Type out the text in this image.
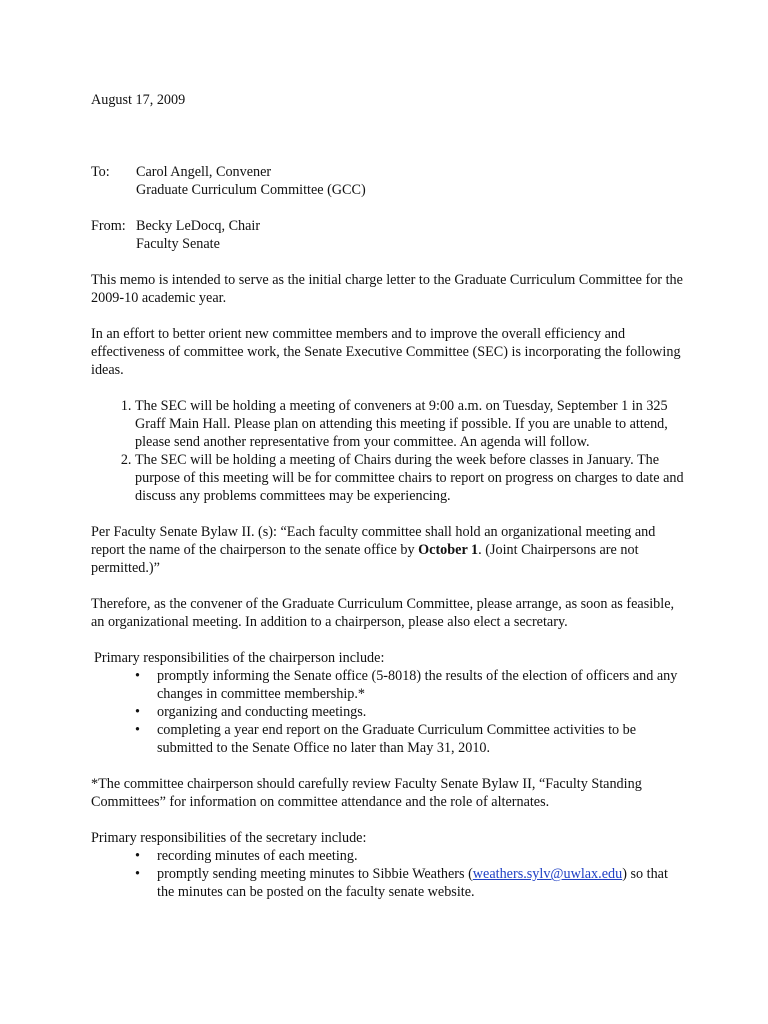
August 17, 2009

To:	Carol Angell, Convener
Graduate Curriculum Committee (GCC)
From: Becky LeDocq, Chair
Faculty Senate

This memo is intended to serve as the initial charge letter to the Graduate Curriculum Committee for the 2009-10 academic year.

In an effort to better orient new committee members and to improve the overall efficiency and effectiveness of committee work, the Senate Executive Committee (SEC) is incorporating the following ideas.

1. The SEC will be holding a meeting of conveners at 9:00 a.m. on Tuesday, September 1 in 325 Graff Main Hall. Please plan on attending this meeting if possible. If you are unable to attend, please send another representative from your committee. An agenda will follow.
2. The SEC will be holding a meeting of Chairs during the week before classes in January. The purpose of this meeting will be for committee chairs to report on progress on charges to date and discuss any problems committees may be experiencing.

Per Faculty Senate Bylaw II. (s): “Each faculty committee shall hold an organizational meeting and report the name of the chairperson to the senate office by October 1. (Joint Chairpersons are not permitted.)”

Therefore, as the convener of the Graduate Curriculum Committee, please arrange, as soon as feasible, an organizational meeting. In addition to a chairperson, please also elect a secretary.

Primary responsibilities of the chairperson include:

• promptly informing the Senate office (5-8018) the results of the election of officers and any changes in committee membership.*
• organizing and conducting meetings.
• completing a year end report on the Graduate Curriculum Committee activities to be submitted to the Senate Office no later than May 31, 2010.

*The committee chairperson should carefully review Faculty Senate Bylaw II, “Faculty Standing Committees” for information on committee attendance and the role of alternates.

Primary responsibilities of the secretary include:

• recording minutes of each meeting.
• promptly sending meeting minutes to Sibbie Weathers (weathers.sylv@uwlax.edu) so that the minutes can be posted on the faculty senate website.
